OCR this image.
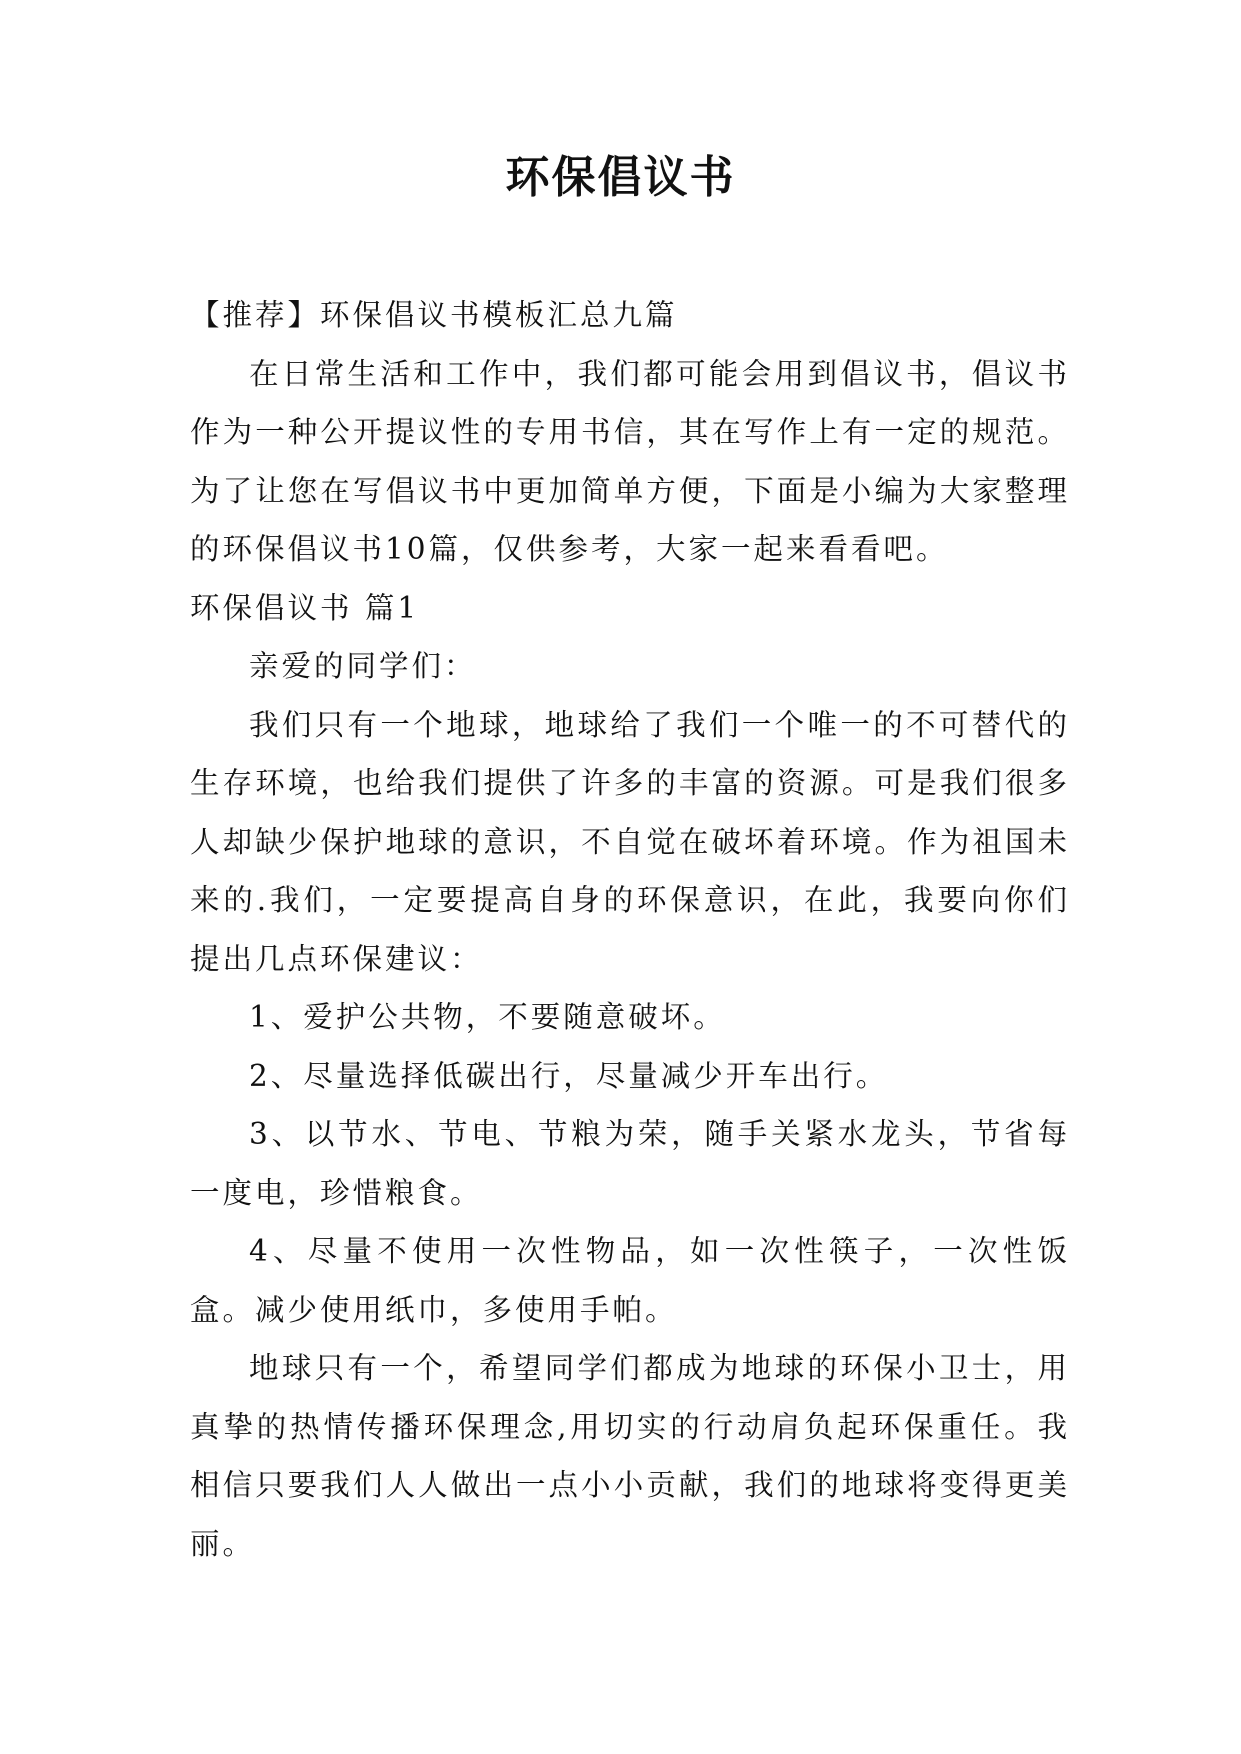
环保倡议书

【推荐】环保倡议书模板汇总九篇

在日常生活和工作中，我们都可能会用到倡议书，倡议书作为一种公开提议性的专用书信，其在写作上有一定的规范。为了让您在写倡议书中更加简单方便，下面是小编为大家整理的环保倡议书10篇，仅供参考，大家一起来看看吧。

环保倡议书 篇1

亲爱的同学们：

我们只有一个地球，地球给了我们一个唯一的不可替代的生存环境，也给我们提供了许多的丰富的资源。可是我们很多人却缺少保护地球的意识，不自觉在破坏着环境。作为祖国未来的.我们，一定要提高自身的环保意识，在此，我要向你们提出几点环保建议：

1、爱护公共物，不要随意破坏。

2、尽量选择低碳出行，尽量减少开车出行。

3、以节水、节电、节粮为荣，随手关紧水龙头，节省每一度电，珍惜粮食。

4、尽量不使用一次性物品，如一次性筷子，一次性饭盒。减少使用纸巾，多使用手帕。

地球只有一个，希望同学们都成为地球的环保小卫士，用真挚的热情传播环保理念,用切实的行动肩负起环保重任。我相信只要我们人人做出一点小小贡献，我们的地球将变得更美丽。
